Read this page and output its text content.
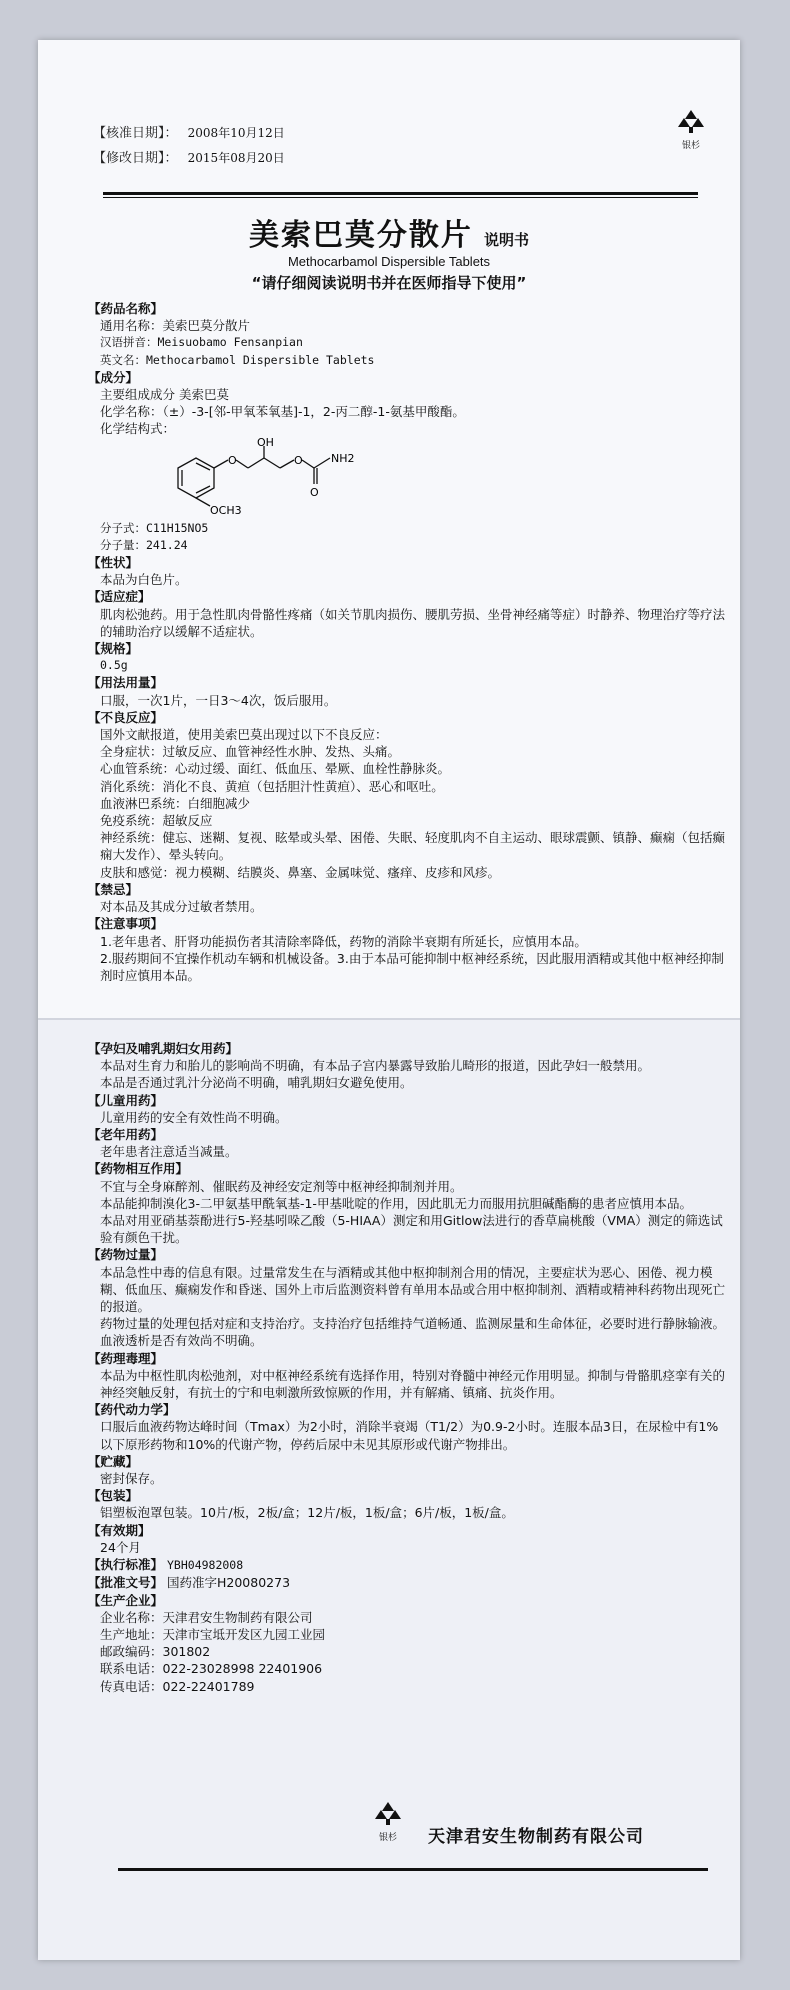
【核准日期】： 2008年10月12日
【修改日期】： 2015年08月20日
银杉
美索巴莫分散片 说明书
Methocarbamol Dispersible Tablets
“请仔细阅读说明书并在医师指导下使用”

【药品名称】

通用名称：美索巴莫分散片

汉语拼音：Meisuobamo Fensanpian

英文名：Methocarbamol Dispersible Tablets

【成分】

主要组成成分 美索巴莫

化学名称：（±）-3-[邻-甲氧苯氧基]-1，2-丙二醇-1-氨基甲酸酯。

化学结构式：

O
OH
O	NH2
O
OCH3

分子式：C11H15NO5

分子量：241.24

【性状】

本品为白色片。

【适应症】

肌肉松弛药。用于急性肌肉骨骼性疼痛（如关节肌肉损伤、腰肌劳损、坐骨神经痛等症）时静养、物理治疗等疗法的辅助治疗以缓解不适症状。

【规格】

0.5g

【用法用量】

口服，一次1片，一日3～4次，饭后服用。

【不良反应】

国外文献报道，使用美索巴莫出现过以下不良反应：

全身症状：过敏反应、血管神经性水肿、发热、头痛。

心血管系统：心动过缓、面红、低血压、晕厥、血栓性静脉炎。

消化系统：消化不良、黄疸（包括胆汁性黄疸）、恶心和呕吐。

血液淋巴系统：白细胞减少

免疫系统：超敏反应

神经系统：健忘、迷糊、复视、眩晕或头晕、困倦、失眠、轻度肌肉不自主运动、眼球震颤、镇静、癫痫（包括癫痫大发作）、晕头转向。

皮肤和感觉：视力模糊、结膜炎、鼻塞、金属味觉、瘙痒、皮疹和风疹。

【禁忌】

对本品及其成分过敏者禁用。

【注意事项】

1.老年患者、肝肾功能损伤者其清除率降低，药物的消除半衰期有所延长，应慎用本品。

2.服药期间不宜操作机动车辆和机械设备。3.由于本品可能抑制中枢神经系统，因此服用酒精或其他中枢神经抑制剂时应慎用本品。

【孕妇及哺乳期妇女用药】

本品对生育力和胎儿的影响尚不明确，有本品子宫内暴露导致胎儿畸形的报道，因此孕妇一般禁用。

本品是否通过乳汁分泌尚不明确，哺乳期妇女避免使用。

【儿童用药】

儿童用药的安全有效性尚不明确。

【老年用药】

老年患者注意适当减量。

【药物相互作用】

不宜与全身麻醉剂、催眠药及神经安定剂等中枢神经抑制剂并用。

本品能抑制溴化3-二甲氨基甲酰氧基-1-甲基吡啶的作用，因此肌无力而服用抗胆碱酯酶的患者应慎用本品。

本品对用亚硝基萘酚进行5-羟基吲哚乙酸（5-HIAA）测定和用Gitlow法进行的香草扁桃酸（VMA）测定的筛选试验有颜色干扰。

【药物过量】

本品急性中毒的信息有限。过量常发生在与酒精或其他中枢抑制剂合用的情况，主要症状为恶心、困倦、视力模糊、低血压、癫痫发作和昏迷、国外上市后监测资料曾有单用本品或合用中枢抑制剂、酒精或精神科药物出现死亡的报道。

药物过量的处理包括对症和支持治疗。支持治疗包括维持气道畅通、监测尿量和生命体征，必要时进行静脉输液。血液透析是否有效尚不明确。

【药理毒理】

本品为中枢性肌肉松弛剂，对中枢神经系统有选择作用，特别对脊髓中神经元作用明显。抑制与骨骼肌痉挛有关的神经突触反射，有抗士的宁和电刺激所致惊厥的作用，并有解痛、镇痛、抗炎作用。

【药代动力学】

口服后血液药物达峰时间（Tmax）为2小时，消除半衰竭（T1/2）为0.9-2小时。连服本品3日，在尿检中有1%以下原形药物和10%的代谢产物，停药后尿中未见其原形或代谢产物排出。

【贮藏】

密封保存。

【包装】

铝塑板泡罩包装。10片/板，2板/盒；12片/板，1板/盒；6片/板，1板/盒。

【有效期】

24个月

【执行标准】 YBH04982008

【批准文号】 国药准字H20080273

【生产企业】

企业名称：天津君安生物制药有限公司

生产地址：天津市宝坻开发区九园工业园

邮政编码：301802

联系电话：022-23028998 22401906

传真电话：022-22401789

银杉	天津君安生物制药有限公司
